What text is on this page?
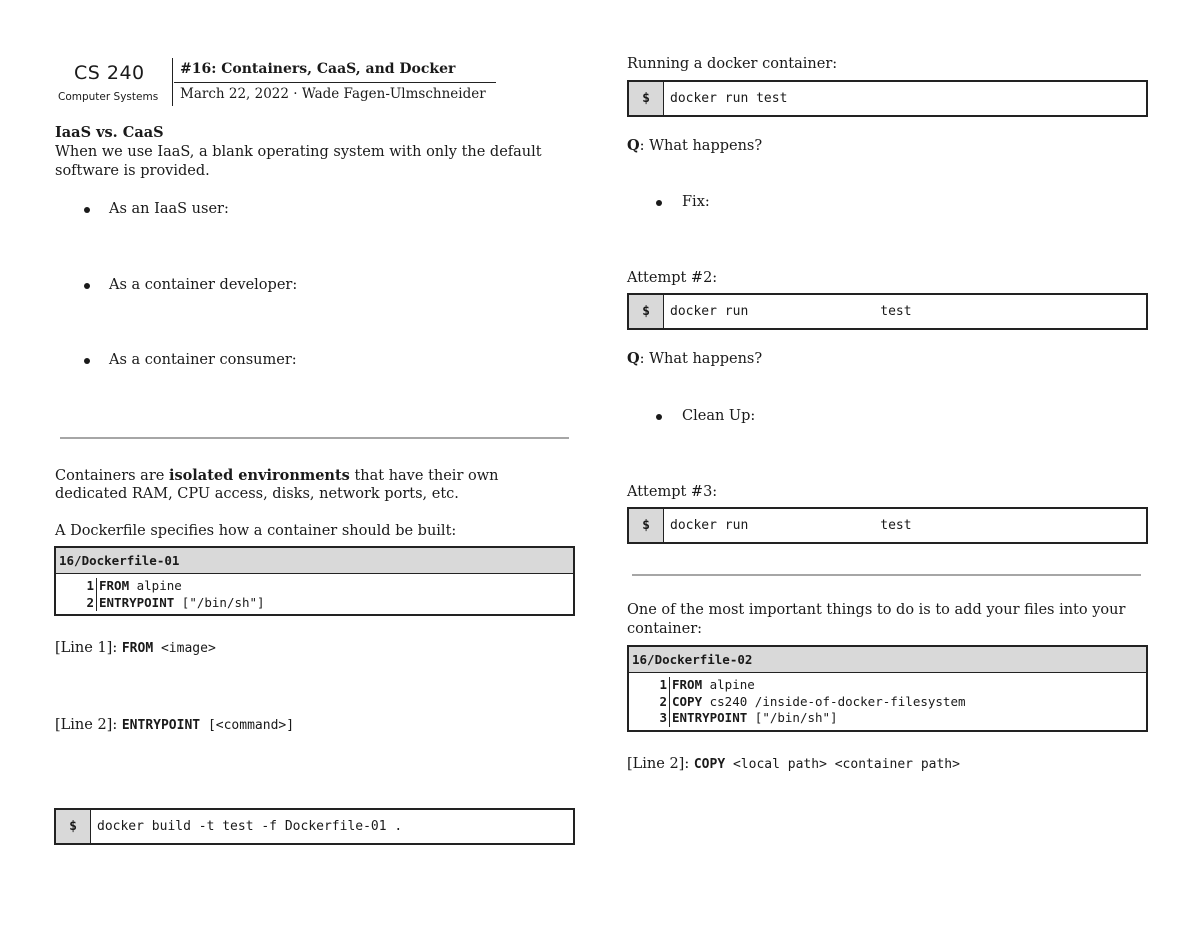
CS 240
Computer Systems
#16: Containers, CaaS, and Docker
March 22, 2022 · Wade Fagen-Ulmschneider
IaaS vs. CaaS
When we use IaaS, a blank operating system with only the default
software is provided.
As an IaaS user:
As a container developer:
As a container consumer:
Containers are isolated environments that have their own
dedicated RAM, CPU access, disks, network ports, etc.
A Dockerfile specifies how a container should be built:
16/Dockerfile-01
1 FROM alpine
2 ENTRYPOINT ["/bin/sh"]
[Line 1]: FROM <image>
[Line 2]: ENTRYPOINT [<command>]
$	docker build -t test -f Dockerfile-01 .
Running a docker container:
$	docker run test
Q: What happens?
Fix:
Attempt #2:
$	docker run	test
Q: What happens?
Clean Up:
Attempt #3:
$	docker run	test
One of the most important things to do is to add your files into your
container:
16/Dockerfile-02
1 FROM alpine
2 COPY cs240 /inside-of-docker-filesystem
3 ENTRYPOINT ["/bin/sh"]
[Line 2]: COPY <local path> <container path>
